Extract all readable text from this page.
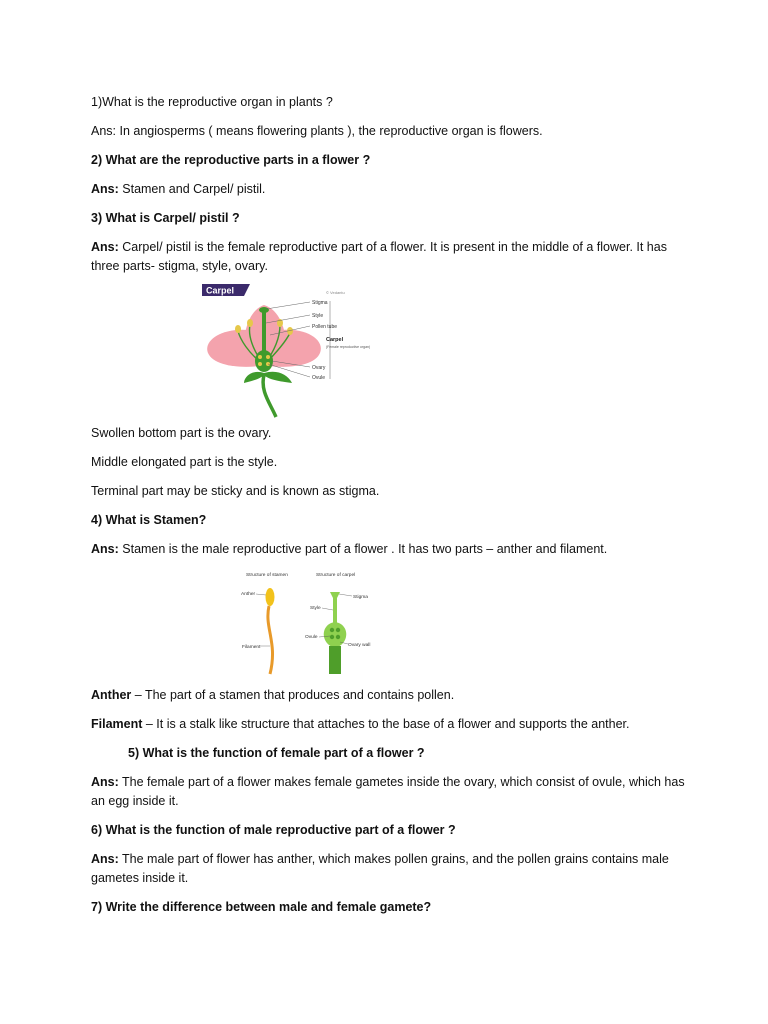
1)What is the reproductive organ in plants ?
Ans: In angiosperms ( means flowering plants ), the reproductive organ is flowers.
2) What are the reproductive parts in a flower ?
Ans: Stamen and Carpel/ pistil.
3) What is Carpel/ pistil ?
Ans: Carpel/ pistil is the female reproductive part of a flower. It is present in the middle of a flower. It has three parts- stigma, style, ovary.
Carpel	© Vedantu
Stigma
Style
Pollen tube
Carpel
(Female reproductive organ)
Ovary
Ovule
Swollen bottom part is the ovary.
Middle elongated part is the style.
Terminal part may be sticky and is known as stigma.
4) What is Stamen?
Ans: Stamen is the male reproductive part of a flower . It has two parts – anther and filament.
Structure of stamen	Structure of carpel
Anther
Filament
Stigma
Style
Ovule
Ovary wall
Anther – The part of a stamen that produces and contains pollen.
Filament – It is a stalk like structure that attaches to the base of a flower and supports the anther.
5) What is the function of female part of a flower ?
Ans: The female part of a flower makes female gametes inside the ovary, which consist of ovule, which has an egg inside it.
6) What is the function of male reproductive part of a flower ?
Ans: The male part of flower has anther, which makes pollen grains, and the pollen grains contains male gametes inside it.
7) Write the difference between male and female gamete?
